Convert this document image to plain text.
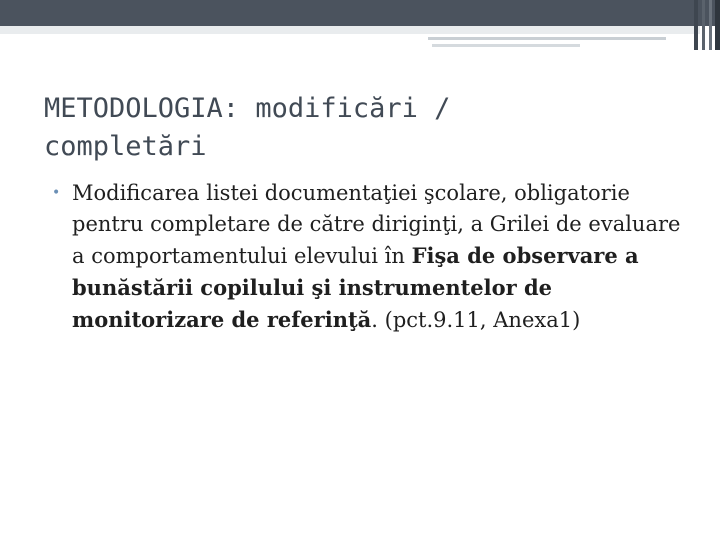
METODOLOGIA: modificări /
completări
• Modificarea listei documentaţiei şcolare, obligatorie pentru completare de către diriginţi, a Grilei de evaluare a comportamentului elevului în Fişa de observare a bunăstării copilului şi instrumentelor de monitorizare de referinţă. (pct.9.11, Anexa1)
